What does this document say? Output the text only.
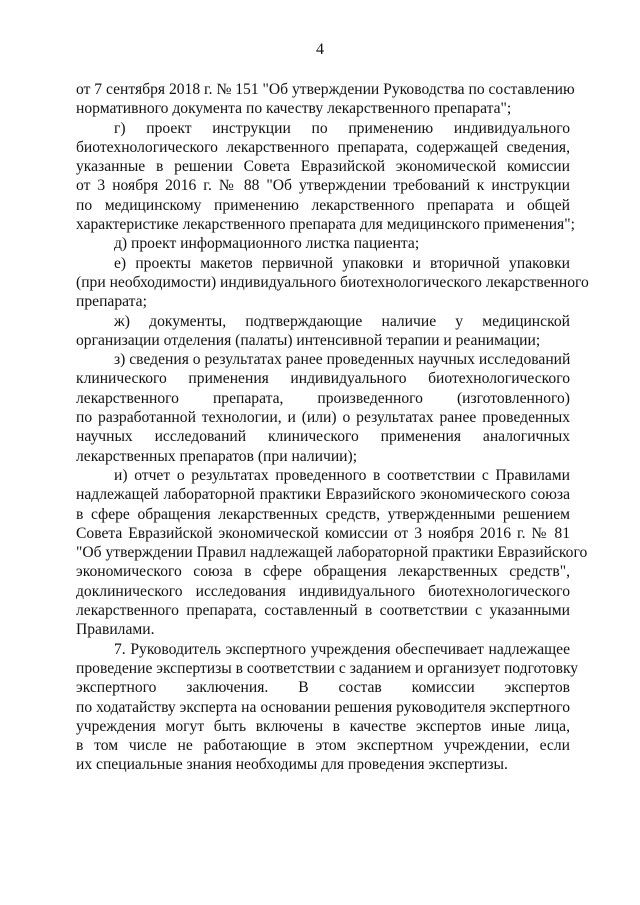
4
от 7 сентября 2018 г. № 151 "Об утверждении Руководства по составлению
нормативного документа по качеству лекарственного препарата";
г) проект инструкции по применению индивидуального
биотехнологического лекарственного препарата, содержащей сведения,
указанные в решении Совета Евразийской экономической комиссии
от 3 ноября 2016 г. № 88 "Об утверждении требований к инструкции
по медицинскому применению лекарственного препарата и общей
характеристике лекарственного препарата для медицинского применения";
д) проект информационного листка пациента;
е) проекты макетов первичной упаковки и вторичной упаковки
(при необходимости) индивидуального биотехнологического лекарственного
препарата;
ж) документы, подтверждающие наличие у медицинской
организации отделения (палаты) интенсивной терапии и реанимации;
з) сведения о результатах ранее проведенных научных исследований
клинического применения индивидуального биотехнологического
лекарственного препарата, произведенного (изготовленного)
по разработанной технологии, и (или) о результатах ранее проведенных
научных исследований клинического применения аналогичных
лекарственных препаратов (при наличии);
и) отчет о результатах проведенного в соответствии с Правилами
надлежащей лабораторной практики Евразийского экономического союза
в сфере обращения лекарственных средств, утвержденными решением
Совета Евразийской экономической комиссии от 3 ноября 2016 г. № 81
"Об утверждении Правил надлежащей лабораторной практики Евразийского
экономического союза в сфере обращения лекарственных средств",
доклинического исследования индивидуального биотехнологического
лекарственного препарата, составленный в соответствии с указанными
Правилами.
7. Руководитель экспертного учреждения обеспечивает надлежащее
проведение экспертизы в соответствии с заданием и организует подготовку
экспертного заключения. В состав комиссии экспертов
по ходатайству эксперта на основании решения руководителя экспертного
учреждения могут быть включены в качестве экспертов иные лица,
в том числе не работающие в этом экспертном учреждении, если
их специальные знания необходимы для проведения экспертизы.
